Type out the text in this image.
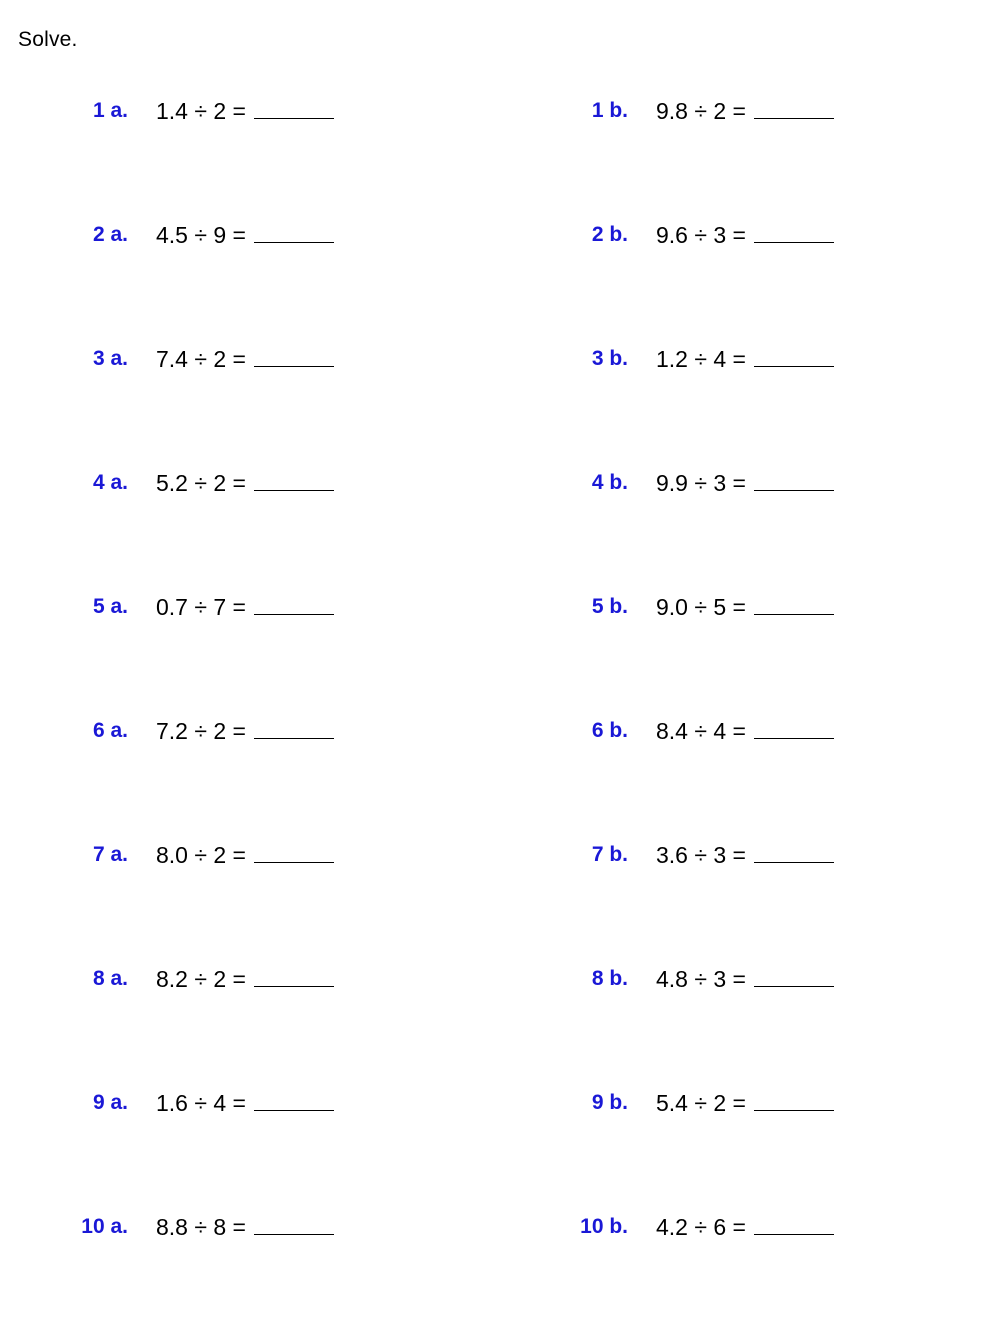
Solve.
1 a. 1.4 ÷ 2 =	1 b. 9.8 ÷ 2 =
2 a. 4.5 ÷ 9 =	2 b. 9.6 ÷ 3 =
3 a. 7.4 ÷ 2 =	3 b. 1.2 ÷ 4 =
4 a. 5.2 ÷ 2 =	4 b. 9.9 ÷ 3 =
5 a. 0.7 ÷ 7 =	5 b. 9.0 ÷ 5 =
6 a. 7.2 ÷ 2 =	6 b. 8.4 ÷ 4 =
7 a. 8.0 ÷ 2 =	7 b. 3.6 ÷ 3 =
8 a. 8.2 ÷ 2 =	8 b. 4.8 ÷ 3 =
9 a. 1.6 ÷ 4 =	9 b. 5.4 ÷ 2 =
10 a. 8.8 ÷ 8 =	10 b. 4.2 ÷ 6 =
